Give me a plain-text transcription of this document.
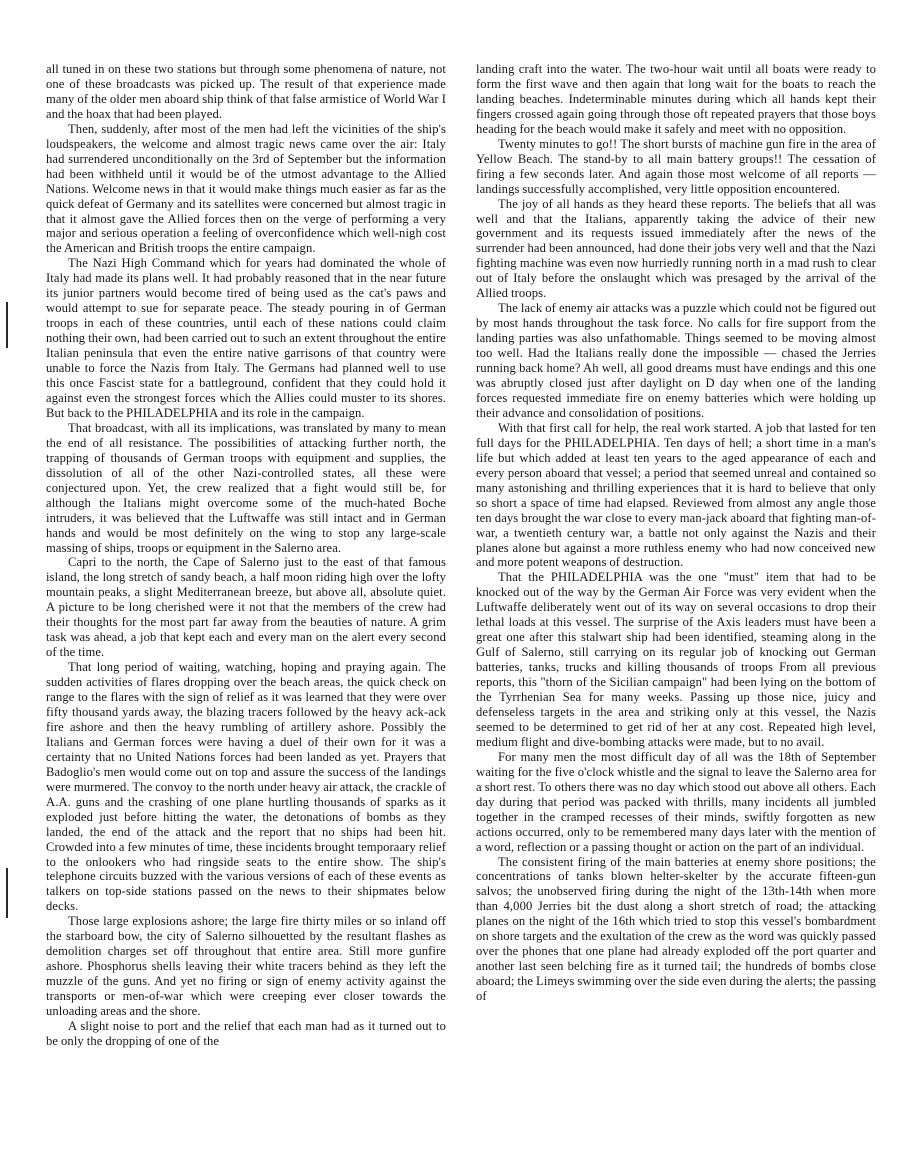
all tuned in on these two stations but through some phenomena of nature, not one of these broadcasts was picked up. The result of that experience made many of the older men aboard ship think of that false armistice of World War I and the hoax that had been played.

Then, suddenly, after most of the men had left the vicinities of the ship's loudspeakers, the welcome and almost tragic news came over the air: Italy had surrendered unconditionally on the 3rd of September but the information had been withheld until it would be of the utmost advantage to the Allied Nations. Welcome news in that it would make things much easier as far as the quick defeat of Germany and its satellites were concerned but almost tragic in that it almost gave the Allied forces then on the verge of performing a very major and serious operation a feeling of overconfidence which well-nigh cost the American and British troops the entire campaign.

The Nazi High Command which for years had dominated the whole of Italy had made its plans well. It had probably reasoned that in the near future its junior partners would become tired of being used as the cat's paws and would attempt to sue for separate peace. The steady pouring in of German troops in each of these countries, until each of these nations could claim nothing their own, had been carried out to such an extent throughout the entire Italian peninsula that even the entire native garrisons of that country were unable to force the Nazis from Italy. The Germans had planned well to use this once Fascist state for a battleground, confident that they could hold it against even the strongest forces which the Allies could muster to its shores. But back to the PHILADELPHIA and its role in the campaign.

That broadcast, with all its implications, was translated by many to mean the end of all resistance. The possibilities of attacking further north, the trapping of thousands of German troops with equipment and supplies, the dissolution of all of the other Nazi-controlled states, all these were conjectured upon. Yet, the crew realized that a fight would still be, for although the Italians might overcome some of the much-hated Boche intruders, it was believed that the Luftwaffe was still intact and in German hands and would be most definitely on the wing to stop any large-scale massing of ships, troops or equipment in the Salerno area.

Capri to the north, the Cape of Salerno just to the east of that famous island, the long stretch of sandy beach, a half moon riding high over the lofty mountain peaks, a slight Mediterranean breeze, but above all, absolute quiet. A picture to be long cherished were it not that the members of the crew had their thoughts for the most part far away from the beauties of nature. A grim task was ahead, a job that kept each and every man on the alert every second of the time.

That long period of waiting, watching, hoping and praying again. The sudden activities of flares dropping over the beach areas, the quick check on range to the flares with the sign of relief as it was learned that they were over fifty thousand yards away, the blazing tracers followed by the heavy ack-ack fire ashore and then the heavy rumbling of artillery ashore. Possibly the Italians and German forces were having a duel of their own for it was a certainty that no United Nations forces had been landed as yet. Prayers that Badoglio's men would come out on top and assure the success of the landings were murmered. The convoy to the north under heavy air attack, the crackle of A.A. guns and the crashing of one plane hurtling thousands of sparks as it exploded just before hitting the water, the detonations of bombs as they landed, the end of the attack and the report that no ships had been hit. Crowded into a few minutes of time, these incidents brought temporaary relief to the onlookers who had ringside seats to the entire show. The ship's telephone circuits buzzed with the various versions of each of these events as talkers on top-side stations passed on the news to their shipmates below decks.

Those large explosions ashore; the large fire thirty miles or so inland off the starboard bow, the city of Salerno silhouetted by the resultant flashes as demolition charges set off throughout that entire area. Still more gunfire ashore. Phosphorus shells leaving their white tracers behind as they left the muzzle of the guns. And yet no firing or sign of enemy activity against the transports or men-of-war which were creeping ever closer towards the unloading areas and the shore.

A slight noise to port and the relief that each man had as it turned out to be only the dropping of one of the

landing craft into the water. The two-hour wait until all boats were ready to form the first wave and then again that long wait for the boats to reach the landing beaches. Indeterminable minutes during which all hands kept their fingers crossed again going through those oft repeated prayers that those boys heading for the beach would make it safely and meet with no opposition.

Twenty minutes to go!! The short bursts of machine gun fire in the area of Yellow Beach. The stand-by to all main battery groups!! The cessation of firing a few seconds later. And again those most welcome of all reports — landings successfully accomplished, very little opposition encountered.

The joy of all hands as they heard these reports. The beliefs that all was well and that the Italians, apparently taking the advice of their new government and its requests issued immediately after the news of the surrender had been announced, had done their jobs very well and that the Nazi fighting machine was even now hurriedly running north in a mad rush to clear out of Italy before the onslaught which was presaged by the arrival of the Allied troops.

The lack of enemy air attacks was a puzzle which could not be figured out by most hands throughout the task force. No calls for fire support from the landing parties was also unfathomable. Things seemed to be moving almost too well. Had the Italians really done the impossible — chased the Jerries running back home? Ah well, all good dreams must have endings and this one was abruptly closed just after daylight on D day when one of the landing forces requested immediate fire on enemy batteries which were holding up their advance and consolidation of positions.

With that first call for help, the real work started. A job that lasted for ten full days for the PHILADELPHIA. Ten days of hell; a short time in a man's life but which added at least ten years to the aged appearance of each and every person aboard that vessel; a period that seemed unreal and contained so many astonishing and thrilling experiences that it is hard to believe that only so short a space of time had elapsed. Reviewed from almost any angle those ten days brought the war close to every man-jack aboard that fighting man-of-war, a twentieth century war, a battle not only against the Nazis and their planes alone but against a more ruthless enemy who had now conceived new and more potent weapons of destruction.

That the PHILADELPHIA was the one "must" item that had to be knocked out of the way by the German Air Force was very evident when the Luftwaffe deliberately went out of its way on several occasions to drop their lethal loads at this vessel. The surprise of the Axis leaders must have been a great one after this stalwart ship had been identified, steaming along in the Gulf of Salerno, still carrying on its regular job of knocking out German batteries, tanks, trucks and killing thousands of troops From all previous reports, this "thorn of the Sicilian campaign" had been lying on the bottom of the Tyrrhenian Sea for many weeks. Passing up those nice, juicy and defenseless targets in the area and striking only at this vessel, the Nazis seemed to be determined to get rid of her at any cost. Repeated high level, medium flight and dive-bombing attacks were made, but to no avail.

For many men the most difficult day of all was the 18th of September waiting for the five o'clock whistle and the signal to leave the Salerno area for a short rest. To others there was no day which stood out above all others. Each day during that period was packed with thrills, many incidents all jumbled together in the cramped recesses of their minds, swiftly forgotten as new actions occurred, only to be remembered many days later with the mention of a word, reflection or a passing thought or action on the part of an individual.

The consistent firing of the main batteries at enemy shore positions; the concentrations of tanks blown helter-skelter by the accurate fifteen-gun salvos; the unobserved firing during the night of the 13th-14th when more than 4,000 Jerries bit the dust along a short stretch of road; the attacking planes on the night of the 16th which tried to stop this vessel's bombardment on shore targets and the exultation of the crew as the word was quickly passed over the phones that one plane had already exploded off the port quarter and another last seen belching fire as it turned tail; the hundreds of bombs close aboard; the Limeys swimming over the side even during the alerts; the passing of
